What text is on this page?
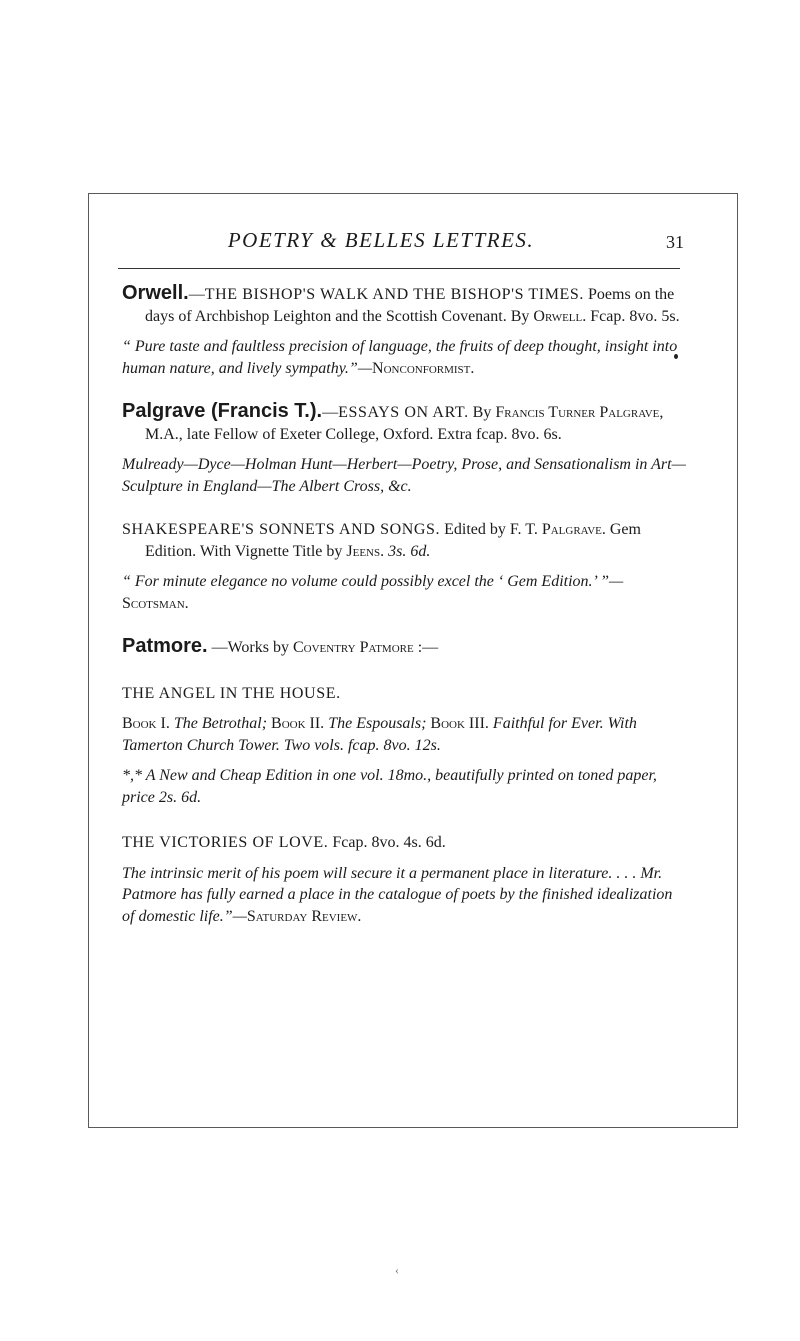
POETRY & BELLES LETTRES.	31

Orwell.—THE BISHOP'S WALK AND THE BISHOP'S TIMES. Poems on the days of Archbishop Leighton and the Scottish Covenant. By Orwell. Fcap. 8vo. 5s.

“ Pure taste and faultless precision of language, the fruits of deep thought, insight into human nature, and lively sympathy.”—Nonconformist.

Palgrave (Francis T.).—ESSAYS ON ART. By Francis Turner Palgrave, M.A., late Fellow of Exeter College, Oxford. Extra fcap. 8vo. 6s.

Mulready—Dyce—Holman Hunt—Herbert—Poetry, Prose, and Sensationalism in Art—Sculpture in England—The Albert Cross, &c.

SHAKESPEARE'S SONNETS AND SONGS. Edited by F. T. Palgrave. Gem Edition. With Vignette Title by Jeens. 3s. 6d.

“ For minute elegance no volume could possibly excel the ‘ Gem Edition.’ ”—Scotsman.

Patmore. —Works by Coventry Patmore :—

THE ANGEL IN THE HOUSE.

Book I. The Betrothal; Book II. The Espousals; Book III. Faithful for Ever. With Tamerton Church Tower. Two vols. fcap. 8vo. 12s.

*,* A New and Cheap Edition in one vol. 18mo., beautifully printed on toned paper, price 2s. 6d.

THE VICTORIES OF LOVE. Fcap. 8vo. 4s. 6d.

The intrinsic merit of his poem will secure it a permanent place in literature. . . . Mr. Patmore has fully earned a place in the catalogue of poets by the finished idealization of domestic life.”—Saturday Review.

‹
